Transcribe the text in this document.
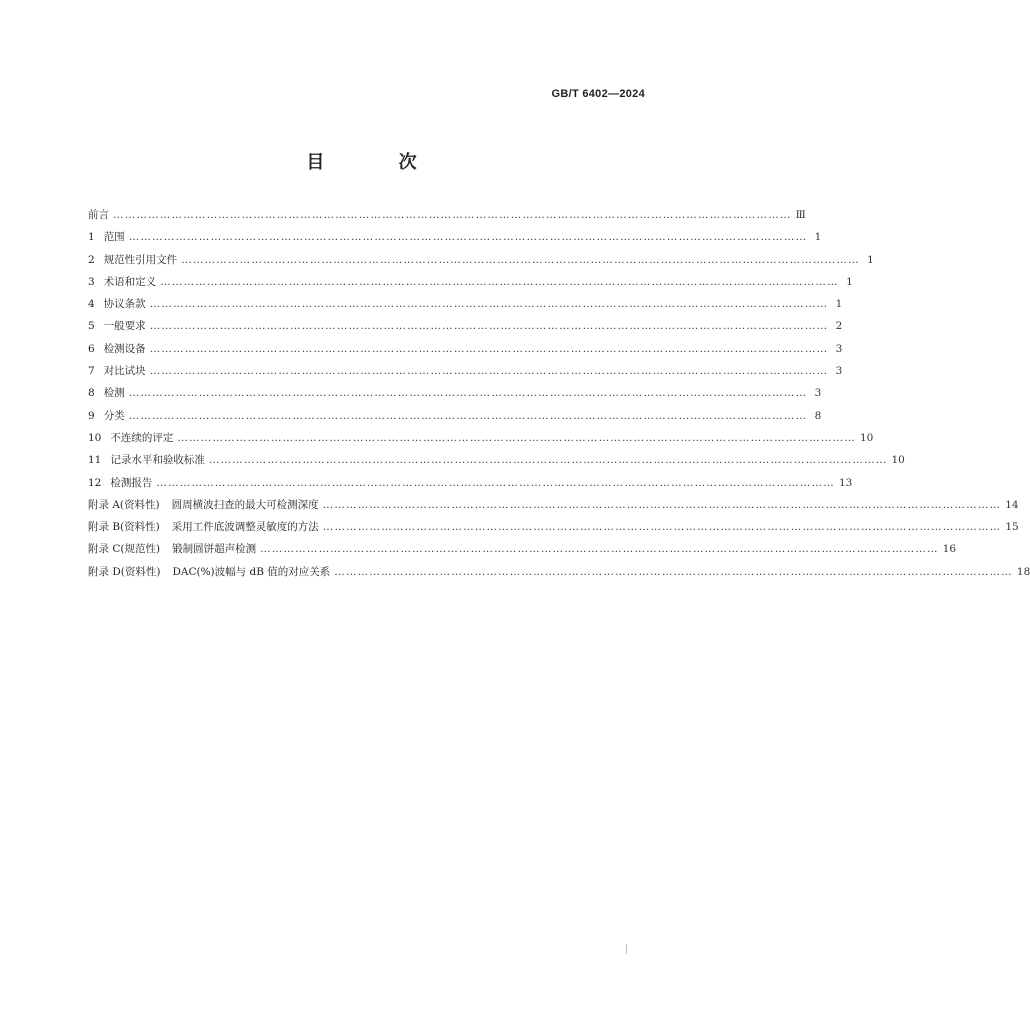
GB/T 6402—2024
目 次
前言 ………………………………………………………………………………………………………………………………………………………… Ⅲ
1 范围 ………………………………………………………………………………………………………………………………………………………… 1
2 规范性引用文件 ………………………………………………………………………………………………………………………………………………………… 1
3 术语和定义 ………………………………………………………………………………………………………………………………………………………… 1
4 协议条款 ………………………………………………………………………………………………………………………………………………………… 1
5 一般要求 ………………………………………………………………………………………………………………………………………………………… 2
6 检测设备 ………………………………………………………………………………………………………………………………………………………… 3
7 对比试块 ………………………………………………………………………………………………………………………………………………………… 3
8 检测 ………………………………………………………………………………………………………………………………………………………… 3
9 分类 ………………………………………………………………………………………………………………………………………………………… 8
10 不连续的评定 ………………………………………………………………………………………………………………………………………………………… 10
11 记录水平和验收标准 ………………………………………………………………………………………………………………………………………………………… 10
12 检测报告 ………………………………………………………………………………………………………………………………………………………… 13
附录 A(资料性) 圆周横波扫查的最大可检测深度 ………………………………………………………………………………………………………………………………………………………… 14
附录 B(资料性) 采用工件底波调整灵敏度的方法 ………………………………………………………………………………………………………………………………………………………… 15
附录 C(规范性) 锻制圆饼超声检测 ………………………………………………………………………………………………………………………………………………………… 16
附录 D(资料性) DAC(%)波幅与 dB 值的对应关系 ………………………………………………………………………………………………………………………………………………………… 18
